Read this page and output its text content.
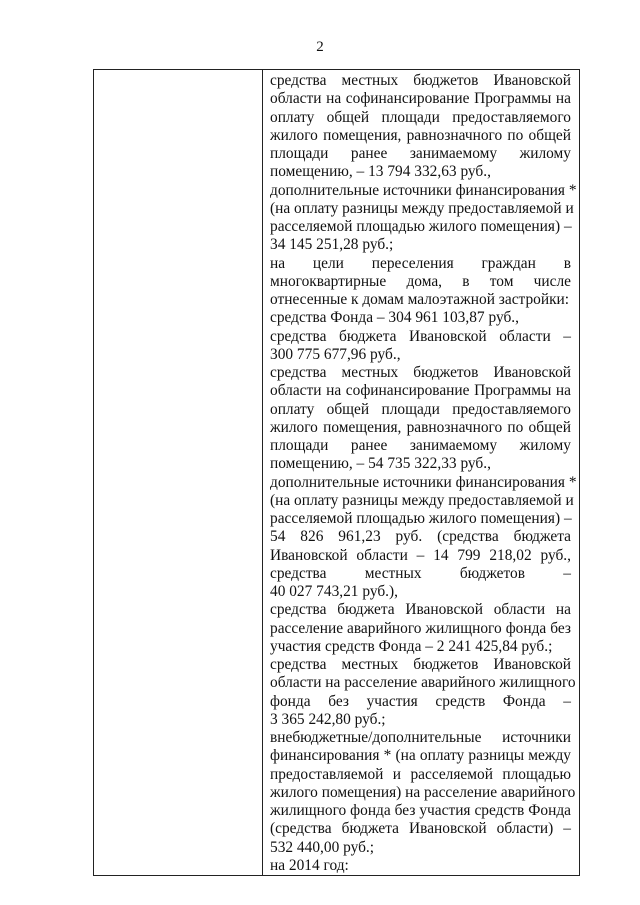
2

средства местных бюджетов Ивановской
области на софинансирование Программы на
оплату общей площади предоставляемого
жилого помещения, равнозначного по общей
площади ранее занимаемому жилому
помещению, – 13 794 332,63 руб.,
дополнительные источники финансирования *
(на оплату разницы между предоставляемой и
расселяемой площадью жилого помещения) –
34 145 251,28 руб.;
на цели переселения граждан в
многоквартирные дома, в том числе
отнесенные к домам малоэтажной застройки:
средства Фонда – 304 961 103,87 руб.,
средства бюджета Ивановской области –
300 775 677,96 руб.,
средства местных бюджетов Ивановской
области на софинансирование Программы на
оплату общей площади предоставляемого
жилого помещения, равнозначного по общей
площади ранее занимаемому жилому
помещению, – 54 735 322,33 руб.,
дополнительные источники финансирования *
(на оплату разницы между предоставляемой и
расселяемой площадью жилого помещения) –
54 826 961,23 руб. (средства бюджета
Ивановской области – 14 799 218,02 руб.,
средства местных бюджетов –
40 027 743,21 руб.),
средства бюджета Ивановской области на
расселение аварийного жилищного фонда без
участия средств Фонда – 2 241 425,84 руб.;
средства местных бюджетов Ивановской
области на расселение аварийного жилищного
фонда без участия средств Фонда –
3 365 242,80 руб.;
внебюджетные/дополнительные источники
финансирования * (на оплату разницы между
предоставляемой и расселяемой площадью
жилого помещения) на расселение аварийного
жилищного фонда без участия средств Фонда
(средства бюджета Ивановской области) –
532 440,00 руб.;
на 2014 год:
